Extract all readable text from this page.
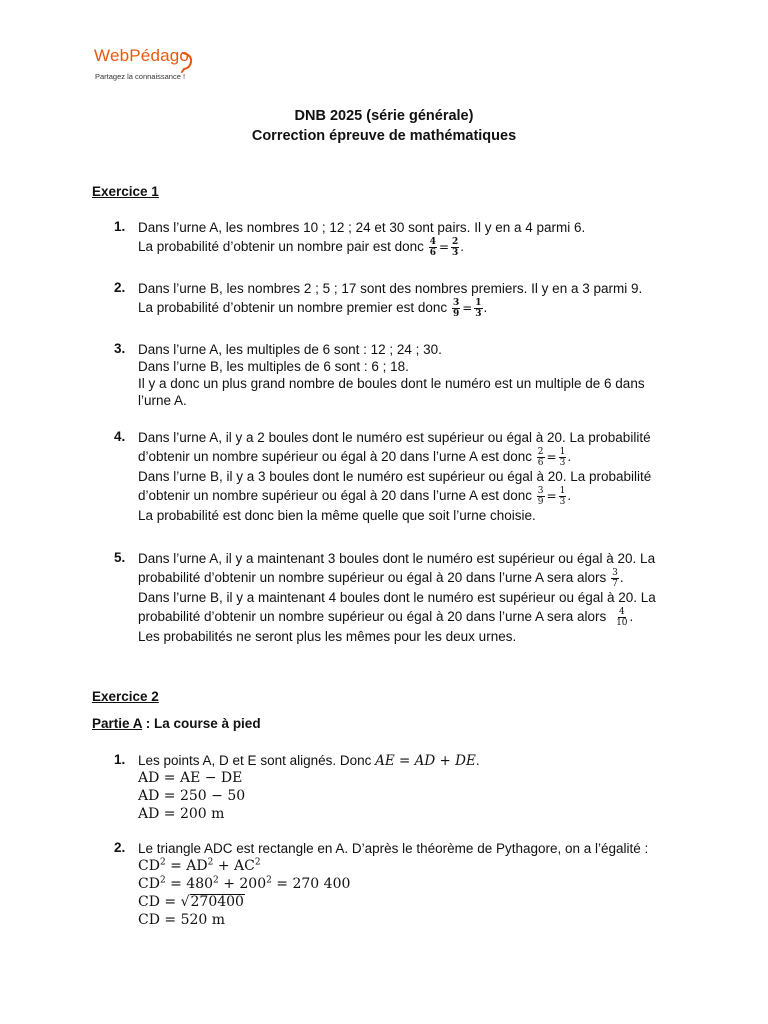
WebPédago
Partagez la connaissance !
DNB 2025 (série générale)
Correction épreuve de mathématiques
Exercice 1
1. Dans l’urne A, les nombres 10 ; 12 ; 24 et 30 sont pairs. Il y en a 4 parmi 6.
La probabilité d’obtenir un nombre pair est donc $\frac{4}{6} = \frac{2}{3}$ .
2. Dans l’urne B, les nombres 2 ; 5 ; 17 sont des nombres premiers. Il y en a 3 parmi 9.
La probabilité d’obtenir un nombre premier est donc $\frac{3}{9} = \frac{1}{3}$ .
3. Dans l’urne A, les multiples de 6 sont : 12 ; 24 ; 30.
Dans l’urne B, les multiples de 6 sont : 6 ; 18.
Il y a donc un plus grand nombre de boules dont le numéro est un multiple de 6 dans
l’urne A.
4. Dans l’urne A, il y a 2 boules dont le numéro est supérieur ou égal à 20. La probabilité
d’obtenir un nombre supérieur ou égal à 20 dans l’urne A est donc $\frac{2}{6} = \frac{1}{3}$ .
Dans l’urne B, il y a 3 boules dont le numéro est supérieur ou égal à 20. La probabilité
d’obtenir un nombre supérieur ou égal à 20 dans l’urne A est donc $\frac{3}{9} = \frac{1}{3}$ .
La probabilité est donc bien la même quelle que soit l’urne choisie.
5. Dans l’urne A, il y a maintenant 3 boules dont le numéro est supérieur ou égal à 20. La
probabilité d’obtenir un nombre supérieur ou égal à 20 dans l’urne A sera alors $\frac{3}{7}$ .
Dans l’urne B, il y a maintenant 4 boules dont le numéro est supérieur ou égal à 20. La
probabilité d’obtenir un nombre supérieur ou égal à 20 dans l’urne A sera alors $\frac{4}{10}$ .
Les probabilités ne seront plus les mêmes pour les deux urnes.
Exercice 2
Partie A : La course à pied
1. Les points A, D et E sont alignés. Donc AE = AD + DE.
AD = AE − DE
AD = 250 − 50
AD = 200 m
2. Le triangle ADC est rectangle en A. D’après le théorème de Pythagore, on a l’égalité :
$CD^2 = AD^2 + AC^2$
$CD^2 = 480^2 + 200^2 = 270$ 400
CD = √270400
CD = 520 m
